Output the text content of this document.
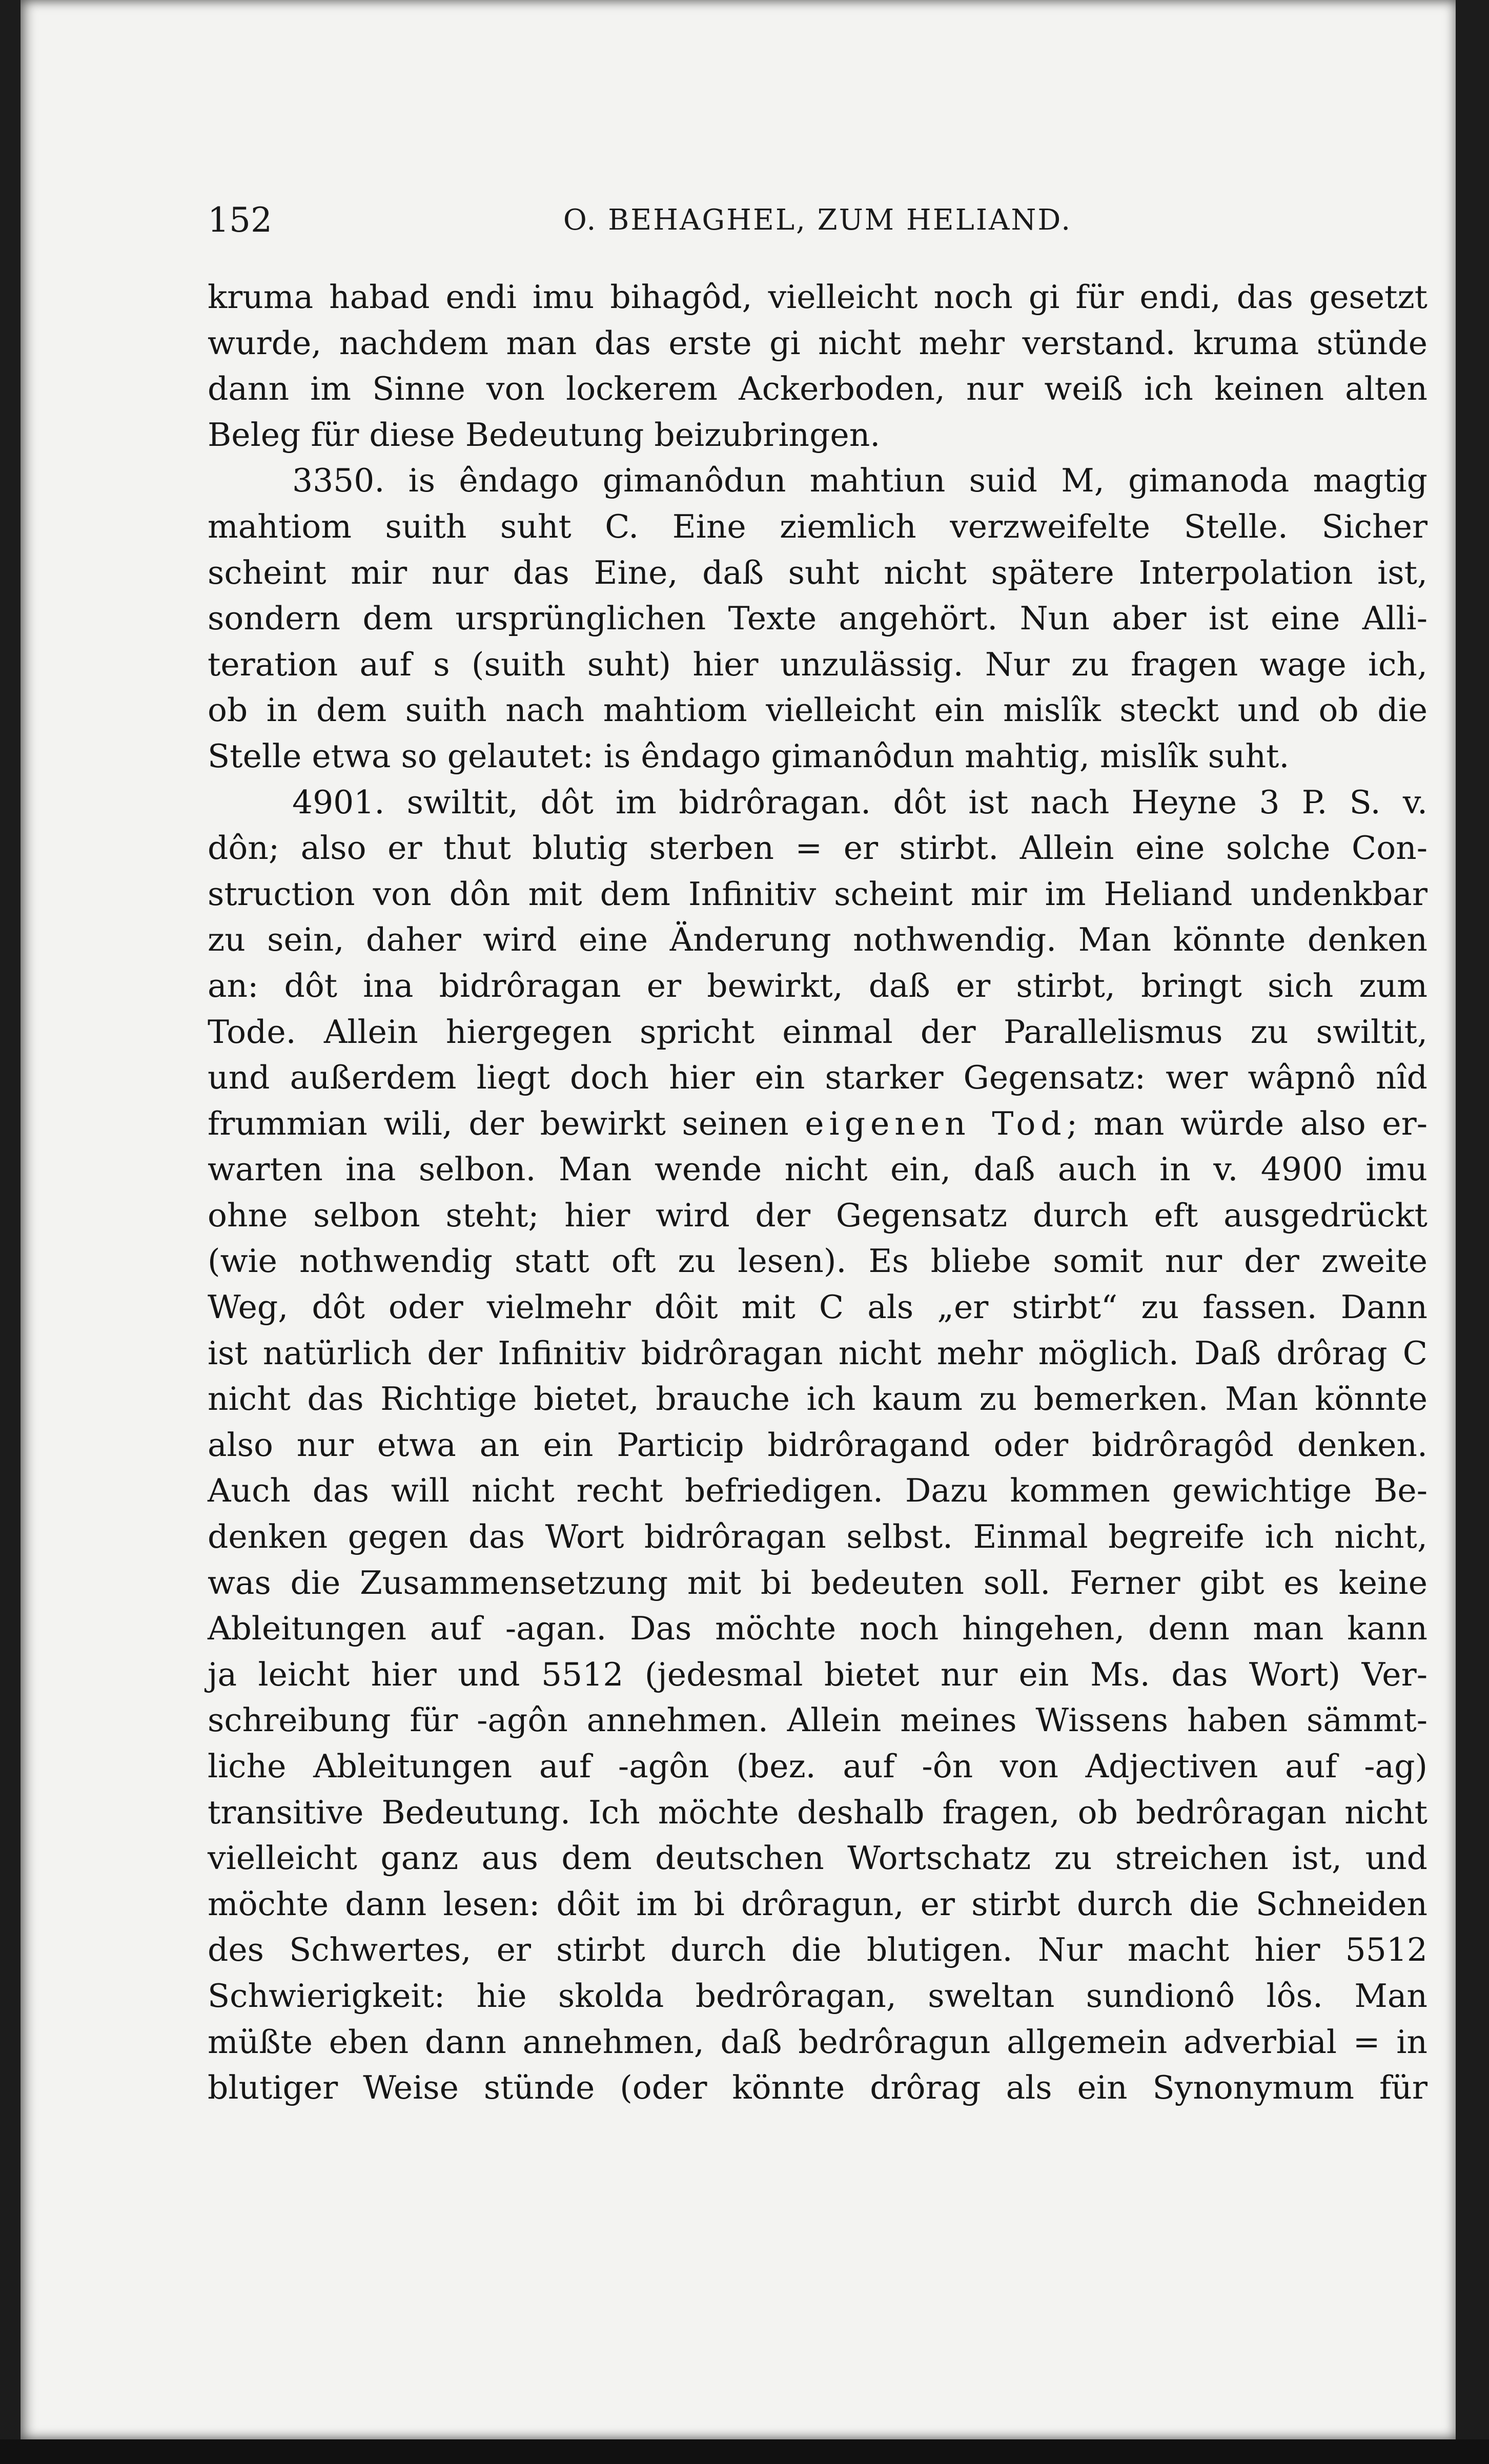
152	O. BEHAGHEL, ZUM HELIAND.
kruma habad endi imu bihagôd, vielleicht noch gi für endi, das gesetzt
wurde, nachdem man das erste gi nicht mehr verstand. kruma stünde
dann im Sinne von lockerem Ackerboden, nur weiß ich keinen alten
Beleg für diese Bedeutung beizubringen.
3350. is êndago gimanôdun mahtiun suid M, gimanoda magtig
mahtiom suith suht C. Eine ziemlich verzweifelte Stelle. Sicher
scheint mir nur das Eine, daß suht nicht spätere Interpolation ist,
sondern dem ursprünglichen Texte angehört. Nun aber ist eine Alli-
teration auf s (suith suht) hier unzulässig. Nur zu fragen wage ich,
ob in dem suith nach mahtiom vielleicht ein mislîk steckt und ob die
Stelle etwa so gelautet: is êndago gimanôdun mahtig, mislîk suht.
4901. swiltit, dôt im bidrôragan. dôt ist nach Heyne 3 P. S. v.
dôn; also er thut blutig sterben = er stirbt. Allein eine solche Con-
struction von dôn mit dem Infinitiv scheint mir im Heliand undenkbar
zu sein, daher wird eine Änderung nothwendig. Man könnte denken
an: dôt ina bidrôragan er bewirkt, daß er stirbt, bringt sich zum
Tode. Allein hiergegen spricht einmal der Parallelismus zu swiltit,
und außerdem liegt doch hier ein starker Gegensatz: wer wâpnô nîd
frummian wili, der bewirkt seinen eigenen Tod; man würde also er-
warten ina selbon. Man wende nicht ein, daß auch in v. 4900 imu
ohne selbon steht; hier wird der Gegensatz durch eft ausgedrückt
(wie nothwendig statt oft zu lesen). Es bliebe somit nur der zweite
Weg, dôt oder vielmehr dôit mit C als „er stirbt“ zu fassen. Dann
ist natürlich der Infinitiv bidrôragan nicht mehr möglich. Daß drôrag C
nicht das Richtige bietet, brauche ich kaum zu bemerken. Man könnte
also nur etwa an ein Particip bidrôragand oder bidrôragôd denken.
Auch das will nicht recht befriedigen. Dazu kommen gewichtige Be-
denken gegen das Wort bidrôragan selbst. Einmal begreife ich nicht,
was die Zusammensetzung mit bi bedeuten soll. Ferner gibt es keine
Ableitungen auf -agan. Das möchte noch hingehen, denn man kann
ja leicht hier und 5512 (jedesmal bietet nur ein Ms. das Wort) Ver-
schreibung für -agôn annehmen. Allein meines Wissens haben sämmt-
liche Ableitungen auf -agôn (bez. auf -ôn von Adjectiven auf -ag)
transitive Bedeutung. Ich möchte deshalb fragen, ob bedrôragan nicht
vielleicht ganz aus dem deutschen Wortschatz zu streichen ist, und
möchte dann lesen: dôit im bi drôragun, er stirbt durch die Schneiden
des Schwertes, er stirbt durch die blutigen. Nur macht hier 5512
Schwierigkeit: hie skolda bedrôragan, sweltan sundionô lôs. Man
müßte eben dann annehmen, daß bedrôragun allgemein adverbial = in
blutiger Weise stünde (oder könnte drôrag als ein Synonymum für
